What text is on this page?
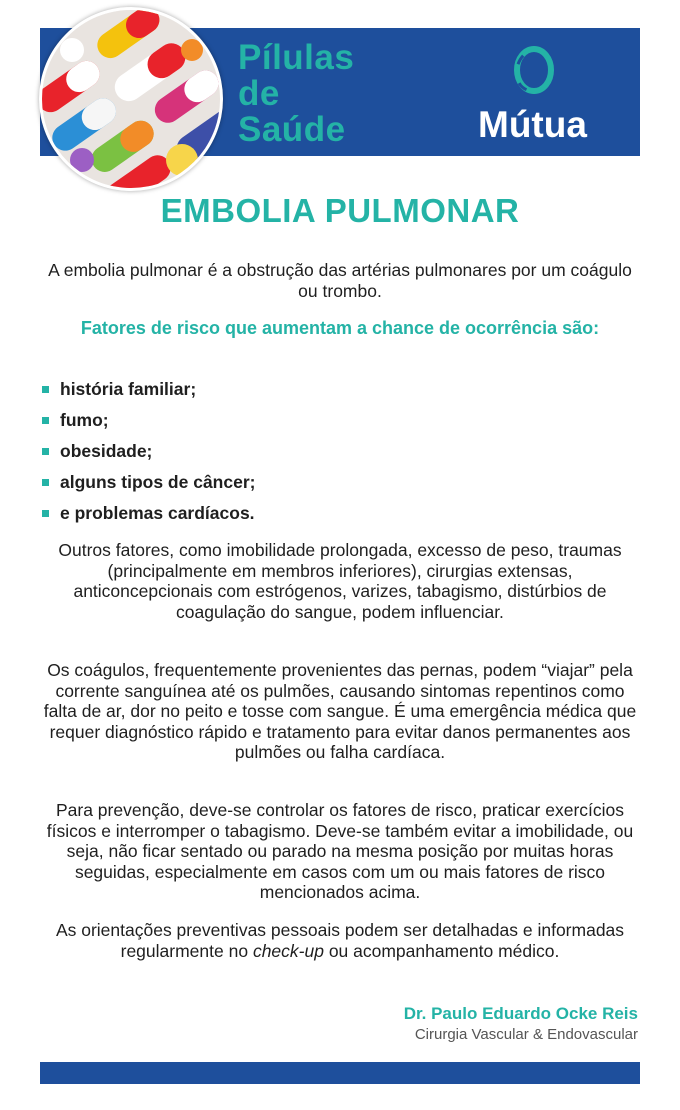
Pílulas
de
Saúde	Mútua
EMBOLIA PULMONAR
A embolia pulmonar é a obstrução das artérias pulmonares por um coágulo ou trombo.
Fatores de risco que aumentam a chance de ocorrência são:
história familiar;
fumo;
obesidade;
alguns tipos de câncer;
e problemas cardíacos.
Outros fatores, como imobilidade prolongada, excesso de peso, traumas (principalmente em membros inferiores), cirurgias extensas, anticoncepcionais com estrógenos, varizes, tabagismo, distúrbios de coagulação do sangue, podem influenciar.
Os coágulos, frequentemente provenientes das pernas, podem “viajar” pela corrente sanguínea até os pulmões, causando sintomas repentinos como falta de ar, dor no peito e tosse com sangue. É uma emergência médica que requer diagnóstico rápido e tratamento para evitar danos permanentes aos pulmões ou falha cardíaca.
Para prevenção, deve-se controlar os fatores de risco, praticar exercícios físicos e interromper o tabagismo. Deve-se também evitar a imobilidade, ou seja, não ficar sentado ou parado na mesma posição por muitas horas seguidas, especialmente em casos com um ou mais fatores de risco mencionados acima.
As orientações preventivas pessoais podem ser detalhadas e informadas regularmente no check-up ou acompanhamento médico.
Dr. Paulo Eduardo Ocke Reis
Cirurgia Vascular & Endovascular
